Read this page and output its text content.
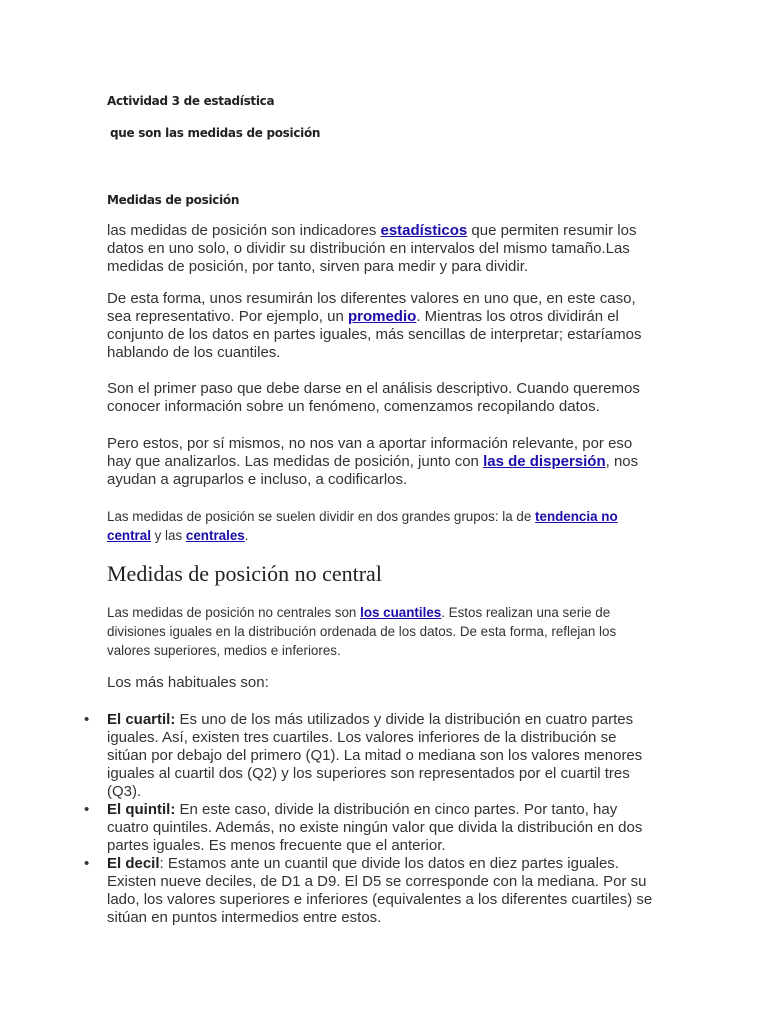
Actividad 3 de estadística
que son las medidas de posición
Medidas de posición

las medidas de posición son indicadores estadísticos que permiten resumir los datos en uno solo, o dividir su distribución en intervalos del mismo tamaño.Las medidas de posición, por tanto, sirven para medir y para dividir.

De esta forma, unos resumirán los diferentes valores en uno que, en este caso, sea representativo. Por ejemplo, un promedio. Mientras los otros dividirán el conjunto de los datos en partes iguales, más sencillas de interpretar; estaríamos hablando de los cuantiles.

Son el primer paso que debe darse en el análisis descriptivo. Cuando queremos conocer información sobre un fenómeno, comenzamos recopilando datos.

Pero estos, por sí mismos, no nos van a aportar información relevante, por eso hay que analizarlos. Las medidas de posición, junto con las de dispersión, nos ayudan a agruparlos e incluso, a codificarlos.

Las medidas de posición se suelen dividir en dos grandes grupos: la de tendencia no central y las centrales.

Medidas de posición no central

Las medidas de posición no centrales son los cuantiles. Estos realizan una serie de divisiones iguales en la distribución ordenada de los datos. De esta forma, reflejan los valores superiores, medios e inferiores.

Los más habituales son:

• El cuartil: Es uno de los más utilizados y divide la distribución en cuatro partes iguales. Así, existen tres cuartiles. Los valores inferiores de la distribución se sitúan por debajo del primero (Q1). La mitad o mediana son los valores menores iguales al cuartil dos (Q2) y los superiores son representados por el cuartil tres (Q3).
• El quintil: En este caso, divide la distribución en cinco partes. Por tanto, hay cuatro quintiles. Además, no existe ningún valor que divida la distribución en dos partes iguales. Es menos frecuente que el anterior.
• El decil: Estamos ante un cuantil que divide los datos en diez partes iguales. Existen nueve deciles, de D1 a D9. El D5 se corresponde con la mediana. Por su lado, los valores superiores e inferiores (equivalentes a los diferentes cuartiles) se sitúan en puntos intermedios entre estos.
